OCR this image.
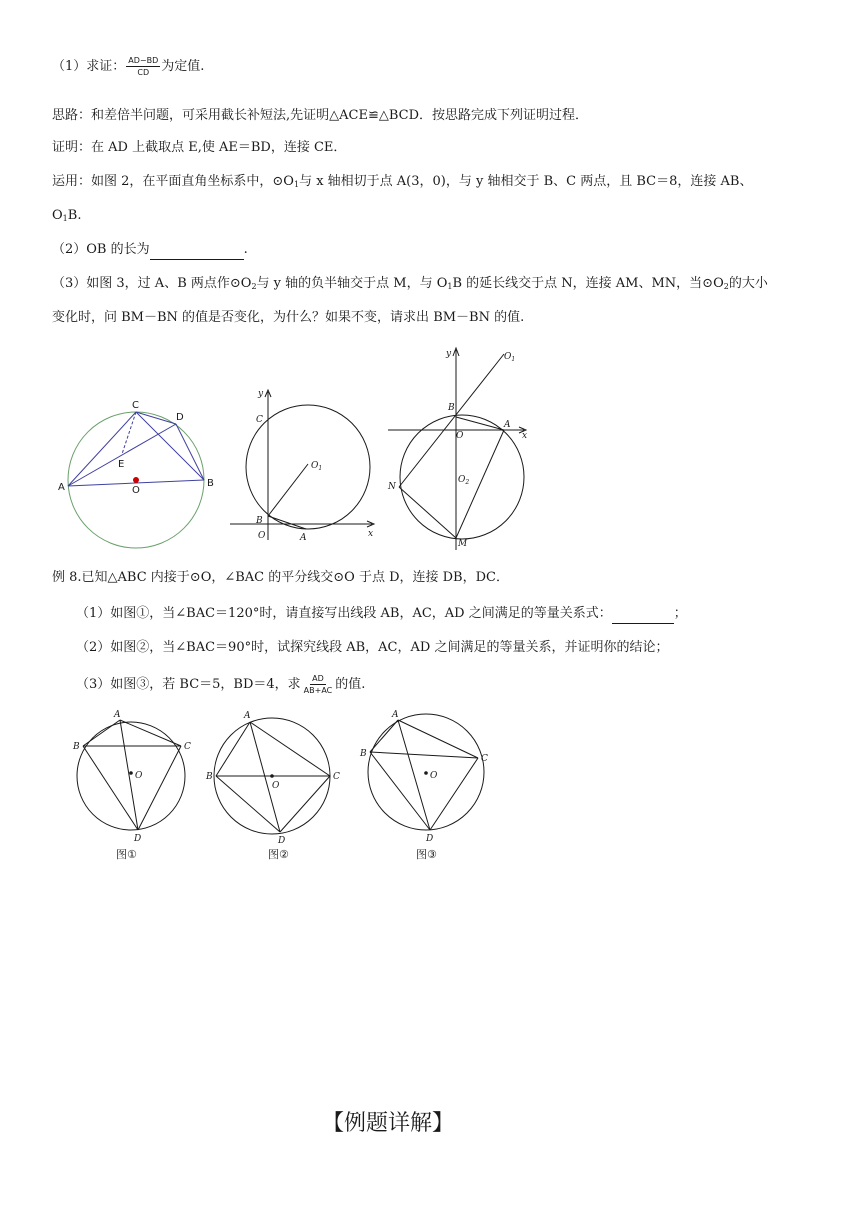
（1）求证： $\frac{AD-BD}{CD}$ 为定值.
思路：和差倍半问题，可采用截长补短法,先证明△ACE≌△BCD．按思路完成下列证明过程．
证明：在 AD 上截取点 E,使 AE＝BD，连接 CE．
运用：如图 2，在平面直角坐标系中，$⊙O_1$与 x 轴相切于点 A(3，0)，与 y 轴相交于 B、C 两点，且 BC＝8，连接 AB、
$O_1B$.
（2）OB 的长为	.
（3）如图 3，过 A、B 两点作$⊙O_2$与 y 轴的负半轴交于点 M，与 $O_1B$ 的延长线交于点 N，连接 AM、MN，当$⊙O_2$的大小
变化时，问 BM－BN 的值是否变化，为什么？如果不变，请求出 BM－BN 的值.
C
D
E
A	B
O
y
x
C
B
O	A
$O_1$
y
x
$O_1$
B
O
A
$O_2$
N
M
例 8.已知△ABC 内接于⊙O，∠BAC 的平分线交⊙O 于点 D，连接 DB，DC．
（1）如图①，当∠BAC＝120°时，请直接写出线段 AB，AC，AD 之间满足的等量关系式：	；
（2）如图②，当∠BAC＝90°时，试探究线段 AB，AC，AD 之间满足的等量关系，并证明你的结论；
（3）如图③，若 BC＝5，BD＝4，求 $\frac{AD}{AB+AC}$ 的值.
A
B	C
O
D
图①
A
B	C
O
D
图②
A
B	C
O
D
图③
【例题详解】
